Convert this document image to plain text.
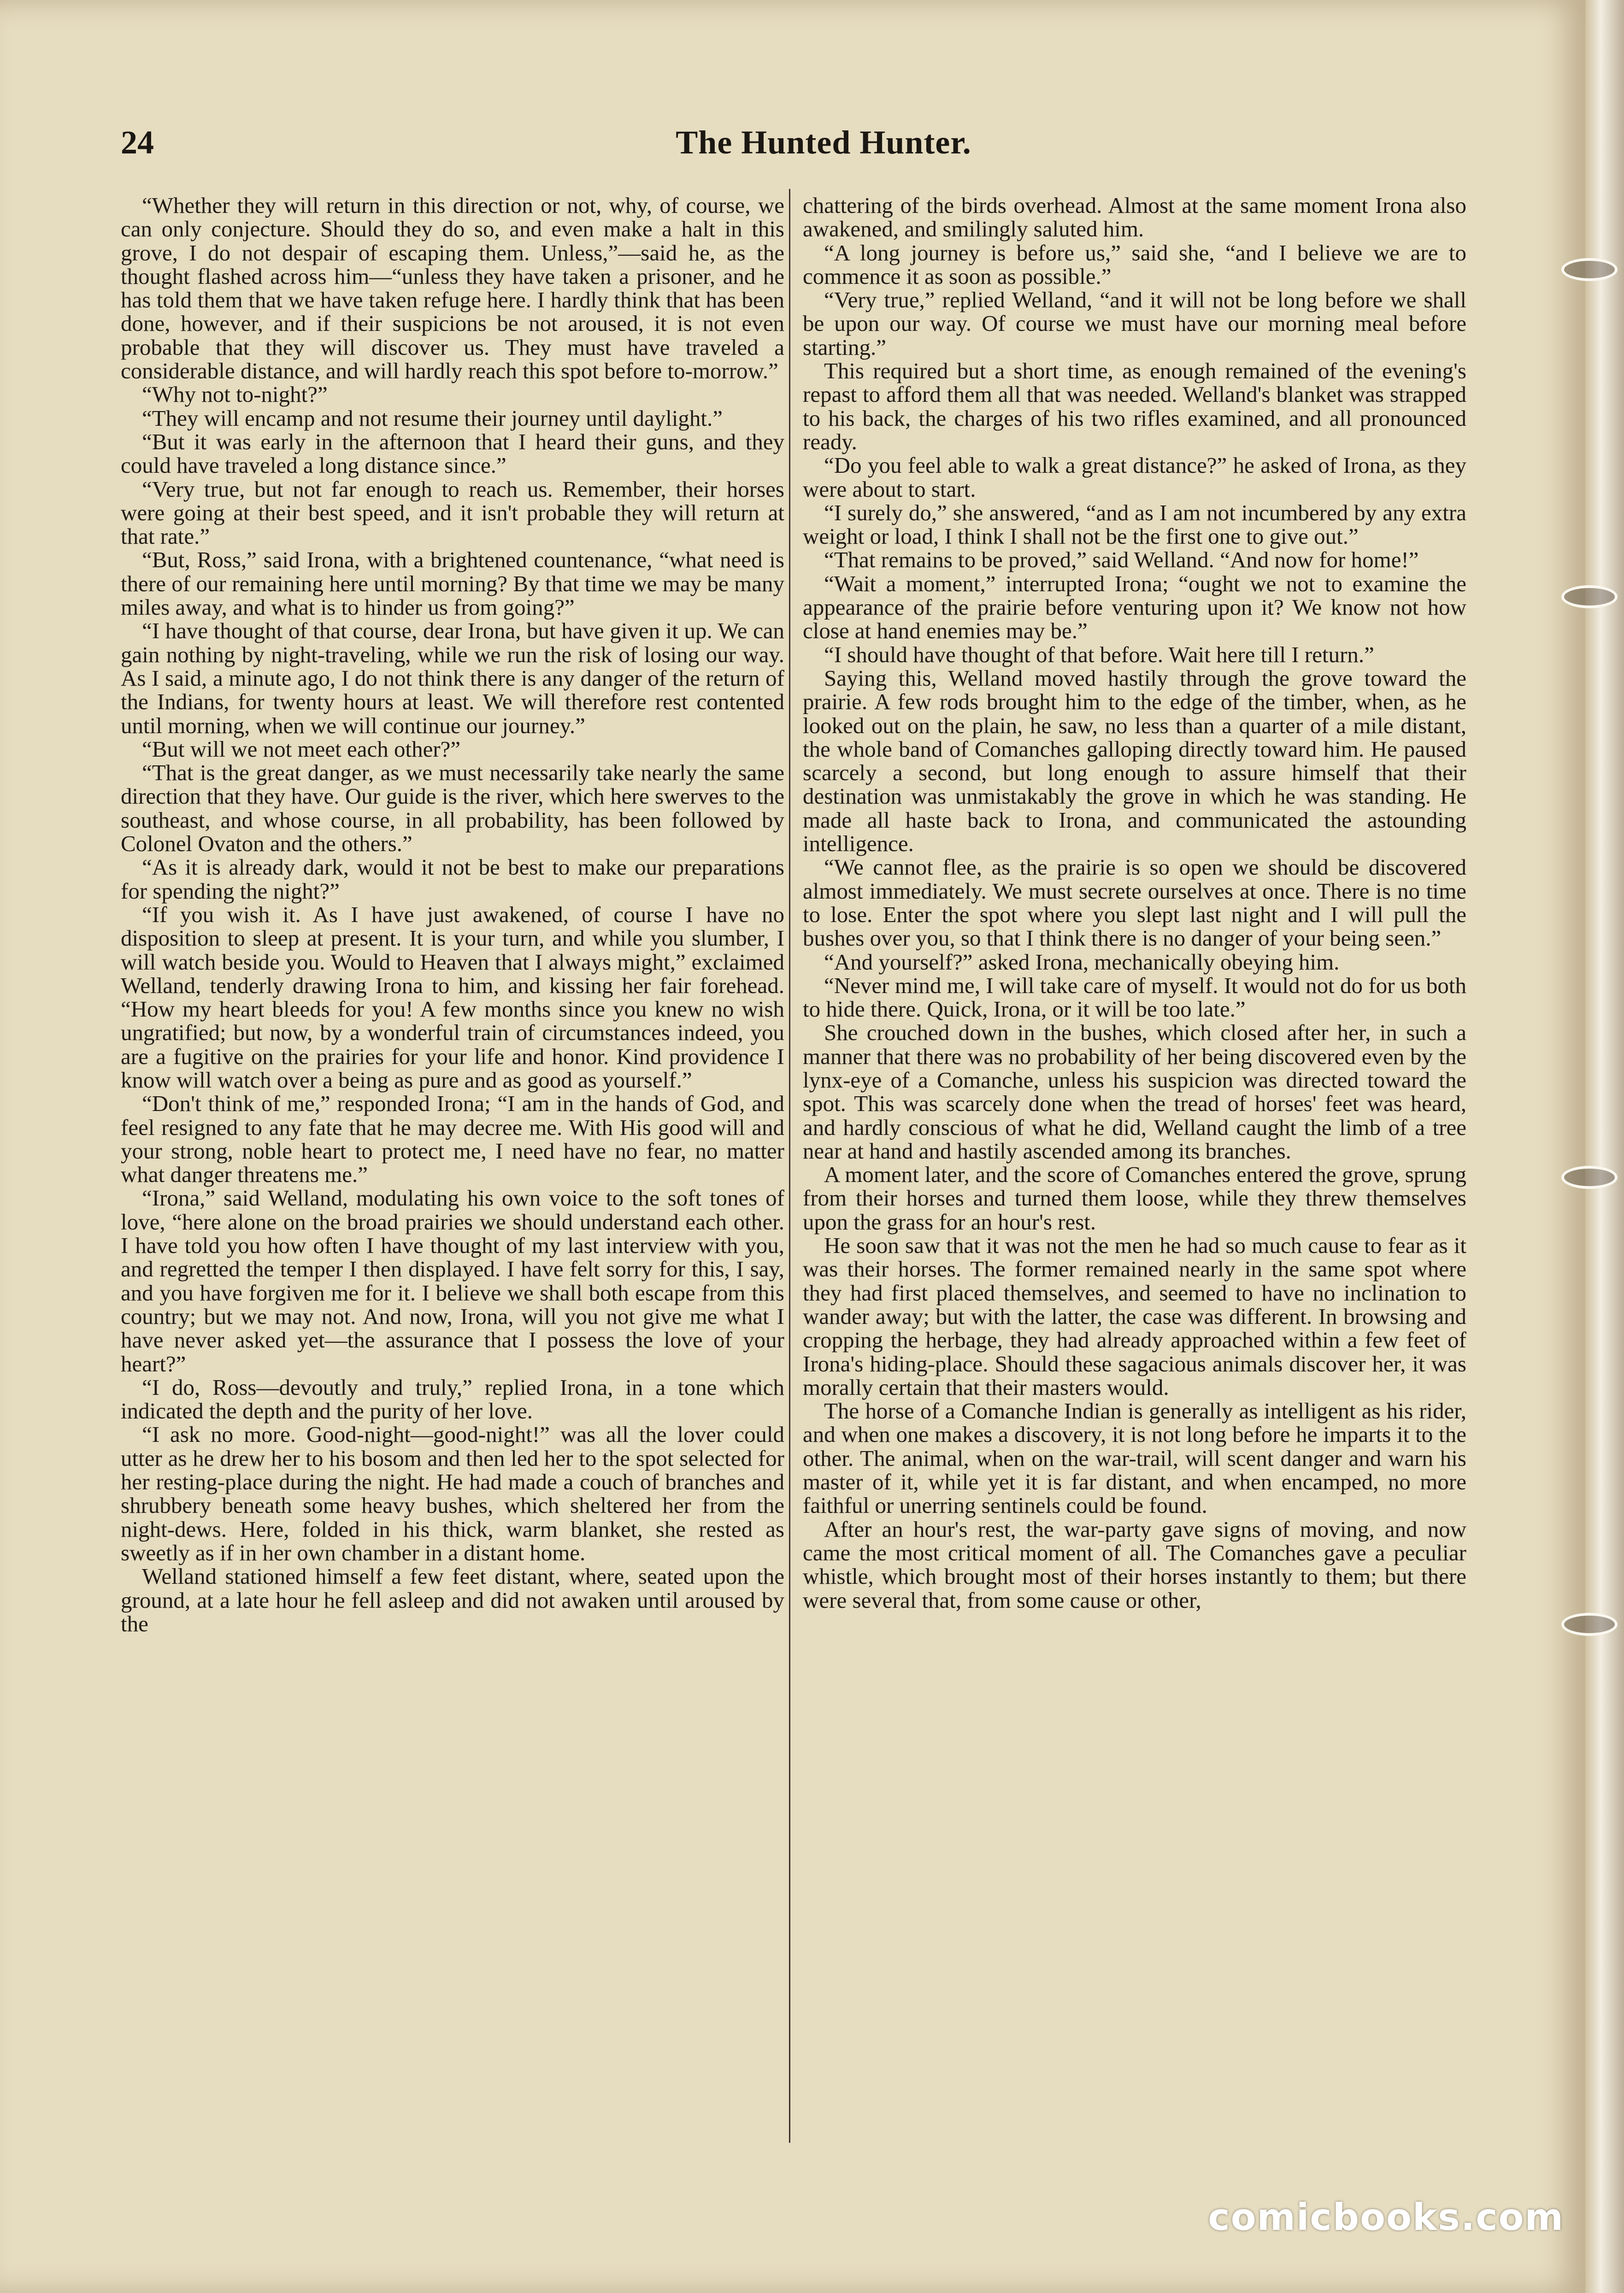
24	The Hunted Hunter.

“Whether they will return in this direction or not, why, of course, we can only conjecture. Should they do so, and even make a halt in this grove, I do not despair of escaping them. Unless,”—said he, as the thought flashed across him—“unless they have taken a prisoner, and he has told them that we have taken refuge here. I hardly think that has been done, however, and if their suspicions be not aroused, it is not even probable that they will discover us. They must have traveled a considerable distance, and will hardly reach this spot before to-morrow.”

“Why not to-night?”

“They will encamp and not resume their journey until daylight.”

“But it was early in the afternoon that I heard their guns, and they could have traveled a long distance since.”

“Very true, but not far enough to reach us. Remember, their horses were going at their best speed, and it isn't probable they will return at that rate.”

“But, Ross,” said Irona, with a brightened countenance, “what need is there of our remaining here until morning? By that time we may be many miles away, and what is to hinder us from going?”

“I have thought of that course, dear Irona, but have given it up. We can gain nothing by night-traveling, while we run the risk of losing our way. As I said, a minute ago, I do not think there is any danger of the return of the Indians, for twenty hours at least. We will therefore rest contented until morning, when we will continue our journey.”

“But will we not meet each other?”

“That is the great danger, as we must necessarily take nearly the same direction that they have. Our guide is the river, which here swerves to the southeast, and whose course, in all probability, has been followed by Colonel Ovaton and the others.”

“As it is already dark, would it not be best to make our preparations for spending the night?”

“If you wish it. As I have just awakened, of course I have no disposition to sleep at present. It is your turn, and while you slumber, I will watch beside you. Would to Heaven that I always might,” exclaimed Welland, tenderly drawing Irona to him, and kissing her fair forehead. “How my heart bleeds for you! A few months since you knew no wish ungratified; but now, by a wonderful train of circumstances indeed, you are a fugitive on the prairies for your life and honor. Kind providence I know will watch over a being as pure and as good as yourself.”

“Don't think of me,” responded Irona; “I am in the hands of God, and feel resigned to any fate that he may decree me. With His good will and your strong, noble heart to protect me, I need have no fear, no matter what danger threatens me.”

“Irona,” said Welland, modulating his own voice to the soft tones of love, “here alone on the broad prairies we should understand each other. I have told you how often I have thought of my last interview with you, and regretted the temper I then displayed. I have felt sorry for this, I say, and you have forgiven me for it. I believe we shall both escape from this country; but we may not. And now, Irona, will you not give me what I have never asked yet—the assurance that I possess the love of your heart?”

“I do, Ross—devoutly and truly,” replied Irona, in a tone which indicated the depth and the purity of her love.

“I ask no more. Good-night—good-night!” was all the lover could utter as he drew her to his bosom and then led her to the spot selected for her resting-place during the night. He had made a couch of branches and shrubbery beneath some heavy bushes, which sheltered her from the night-dews. Here, folded in his thick, warm blanket, she rested as sweetly as if in her own chamber in a distant home.

Welland stationed himself a few feet distant, where, seated upon the ground, at a late hour he fell asleep and did not awaken until aroused by the

chattering of the birds overhead. Almost at the same moment Irona also awakened, and smilingly saluted him.

“A long journey is before us,” said she, “and I believe we are to commence it as soon as possible.”

“Very true,” replied Welland, “and it will not be long before we shall be upon our way. Of course we must have our morning meal before starting.”

This required but a short time, as enough remained of the evening's repast to afford them all that was needed. Welland's blanket was strapped to his back, the charges of his two rifles examined, and all pronounced ready.

“Do you feel able to walk a great distance?” he asked of Irona, as they were about to start.

“I surely do,” she answered, “and as I am not incumbered by any extra weight or load, I think I shall not be the first one to give out.”

“That remains to be proved,” said Welland. “And now for home!”

“Wait a moment,” interrupted Irona; “ought we not to examine the appearance of the prairie before venturing upon it? We know not how close at hand enemies may be.”

“I should have thought of that before. Wait here till I return.”

Saying this, Welland moved hastily through the grove toward the prairie. A few rods brought him to the edge of the timber, when, as he looked out on the plain, he saw, no less than a quarter of a mile distant, the whole band of Comanches galloping directly toward him. He paused scarcely a second, but long enough to assure himself that their destination was unmistakably the grove in which he was standing. He made all haste back to Irona, and communicated the astounding intelligence.

“We cannot flee, as the prairie is so open we should be discovered almost immediately. We must secrete ourselves at once. There is no time to lose. Enter the spot where you slept last night and I will pull the bushes over you, so that I think there is no danger of your being seen.”

“And yourself?” asked Irona, mechanically obeying him.

“Never mind me, I will take care of myself. It would not do for us both to hide there. Quick, Irona, or it will be too late.”

She crouched down in the bushes, which closed after her, in such a manner that there was no probability of her being discovered even by the lynx-eye of a Comanche, unless his suspicion was directed toward the spot. This was scarcely done when the tread of horses' feet was heard, and hardly conscious of what he did, Welland caught the limb of a tree near at hand and hastily ascended among its branches.

A moment later, and the score of Comanches entered the grove, sprung from their horses and turned them loose, while they threw themselves upon the grass for an hour's rest.

He soon saw that it was not the men he had so much cause to fear as it was their horses. The former remained nearly in the same spot where they had first placed themselves, and seemed to have no inclination to wander away; but with the latter, the case was different. In browsing and cropping the herbage, they had already approached within a few feet of Irona's hiding-place. Should these sagacious animals discover her, it was morally certain that their masters would.

The horse of a Comanche Indian is generally as intelligent as his rider, and when one makes a discovery, it is not long before he imparts it to the other. The animal, when on the war-trail, will scent danger and warn his master of it, while yet it is far distant, and when encamped, no more faithful or unerring sentinels could be found.

After an hour's rest, the war-party gave signs of moving, and now came the most critical moment of all. The Comanches gave a peculiar whistle, which brought most of their horses instantly to them; but there were several that, from some cause or other,

comicbooks.com
